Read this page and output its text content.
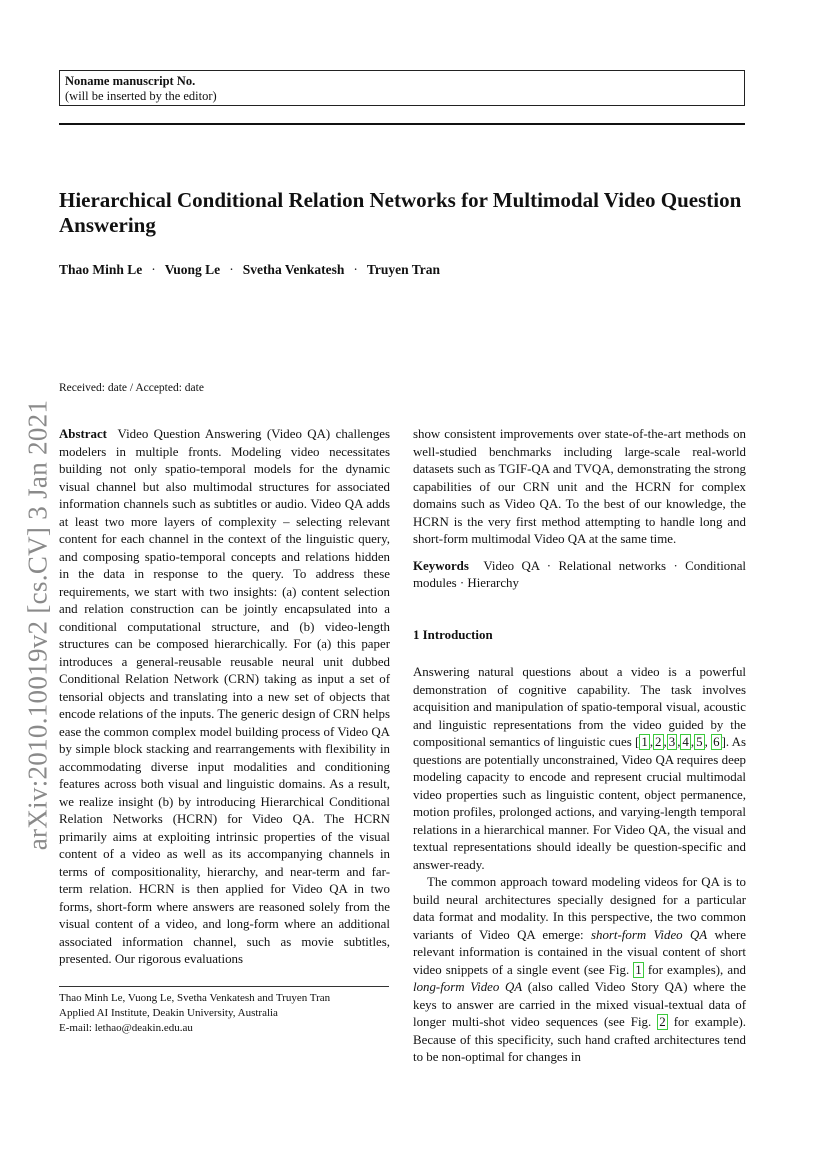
Noname manuscript No.
(will be inserted by the editor)
Hierarchical Conditional Relation Networks for Multimodal Video Question Answering
Thao Minh Le · Vuong Le · Svetha Venkatesh · Truyen Tran
arXiv:2010.10019v2 [cs.CV] 3 Jan 2021
Received: date / Accepted: date

Abstract Video Question Answering (Video QA) challenges modelers in multiple fronts. Modeling video necessitates building not only spatio-temporal models for the dynamic visual channel but also multimodal structures for associated information channels such as subtitles or audio. Video QA adds at least two more layers of complexity – selecting relevant content for each channel in the context of the linguistic query, and composing spatio-temporal concepts and relations hidden in the data in response to the query. To address these requirements, we start with two insights: (a) content selection and relation construction can be jointly encapsulated into a conditional computational structure, and (b) video-length structures can be composed hierarchically. For (a) this paper introduces a general-reusable reusable neural unit dubbed Conditional Relation Network (CRN) taking as input a set of tensorial objects and translating into a new set of objects that encode relations of the inputs. The generic design of CRN helps ease the common complex model building process of Video QA by simple block stacking and rearrangements with flexibility in accommodating diverse input modalities and conditioning features across both visual and linguistic domains. As a result, we realize insight (b) by introducing Hierarchical Conditional Relation Networks (HCRN) for Video QA. The HCRN primarily aims at exploiting intrinsic properties of the visual content of a video as well as its accompanying channels in terms of compositionality, hierarchy, and near-term and far-term relation. HCRN is then applied for Video QA in two forms, short-form where answers are reasoned solely from the visual content of a video, and long-form where an additional associated information channel, such as movie subtitles, presented. Our rigorous evaluations

show consistent improvements over state-of-the-art methods on well-studied benchmarks including large-scale real-world datasets such as TGIF-QA and TVQA, demonstrating the strong capabilities of our CRN unit and the HCRN for complex domains such as Video QA. To the best of our knowledge, the HCRN is the very first method attempting to handle long and short-form multimodal Video QA at the same time.

Keywords Video QA · Relational networks · Conditional modules · Hierarchy

1 Introduction

Answering natural questions about a video is a powerful demonstration of cognitive capability. The task involves acquisition and manipulation of spatio-temporal visual, acoustic and linguistic representations from the video guided by the compositional semantics of linguistic cues [ 1 , 2 , 3 , 4 , 5 , 6 ]. As questions are potentially unconstrained, Video QA requires deep modeling capacity to encode and represent crucial multimodal video properties such as linguistic content, object permanence, motion profiles, prolonged actions, and varying-length temporal relations in a hierarchical manner. For Video QA, the visual and textual representations should ideally be question-specific and answer-ready.

The common approach toward modeling videos for QA is to build neural architectures specially designed for a particular data format and modality. In this perspective, the two common variants of Video QA emerge: short-form Video QA where relevant information is contained in the visual content of short video snippets of a single event (see Fig. 1 for examples), and long-form Video QA (also called Video Story QA) where the keys to answer are carried in the mixed visual-textual data of longer multi-shot video sequences (see Fig. 2 for example). Because of this specificity, such hand crafted architectures tend to be non-optimal for changes in

Thao Minh Le, Vuong Le, Svetha Venkatesh and Truyen Tran

Applied AI Institute, Deakin University, Australia

E-mail: lethao@deakin.edu.au
